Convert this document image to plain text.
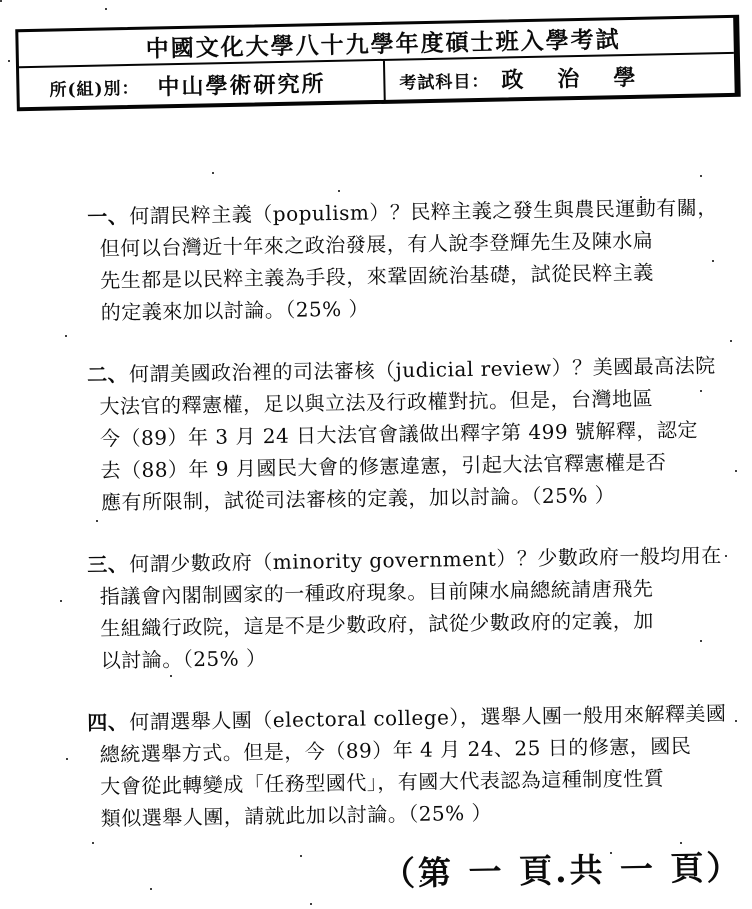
中國文化大學八十九學年度碩士班入學考試
所(組)別： 中山學術研究所	考試科目： 政　治　學
一、何謂民粹主義（populism）？民粹主義之發生與農民運動有關，
但何以台灣近十年來之政治發展，有人說李登輝先生及陳水扁
先生都是以民粹主義為手段，來鞏固統治基礎，試從民粹主義
的定義來加以討論。（25% ）
二、何謂美國政治裡的司法審核（judicial review）？美國最高法院
大法官的釋憲權，足以與立法及行政權對抗。但是，台灣地區
今（89）年 3 月 24 日大法官會議做出釋字第 499 號解釋，認定
去（88）年 9 月國民大會的修憲違憲，引起大法官釋憲權是否
應有所限制，試從司法審核的定義，加以討論。（25% ）
三、何謂少數政府（minority government）？少數政府一般均用在
指議會內閣制國家的一種政府現象。目前陳水扁總統請唐飛先
生組織行政院，這是不是少數政府，試從少數政府的定義，加
以討論。（25% ）
四、何謂選舉人團（electoral college），選舉人團一般用來解釋美國
總統選舉方式。但是，今（89）年 4 月 24、25 日的修憲，國民
大會從此轉變成「任務型國代」，有國大代表認為這種制度性質
類似選舉人團，請就此加以討論。（25% ）
（第 一 頁.共 一 頁）
